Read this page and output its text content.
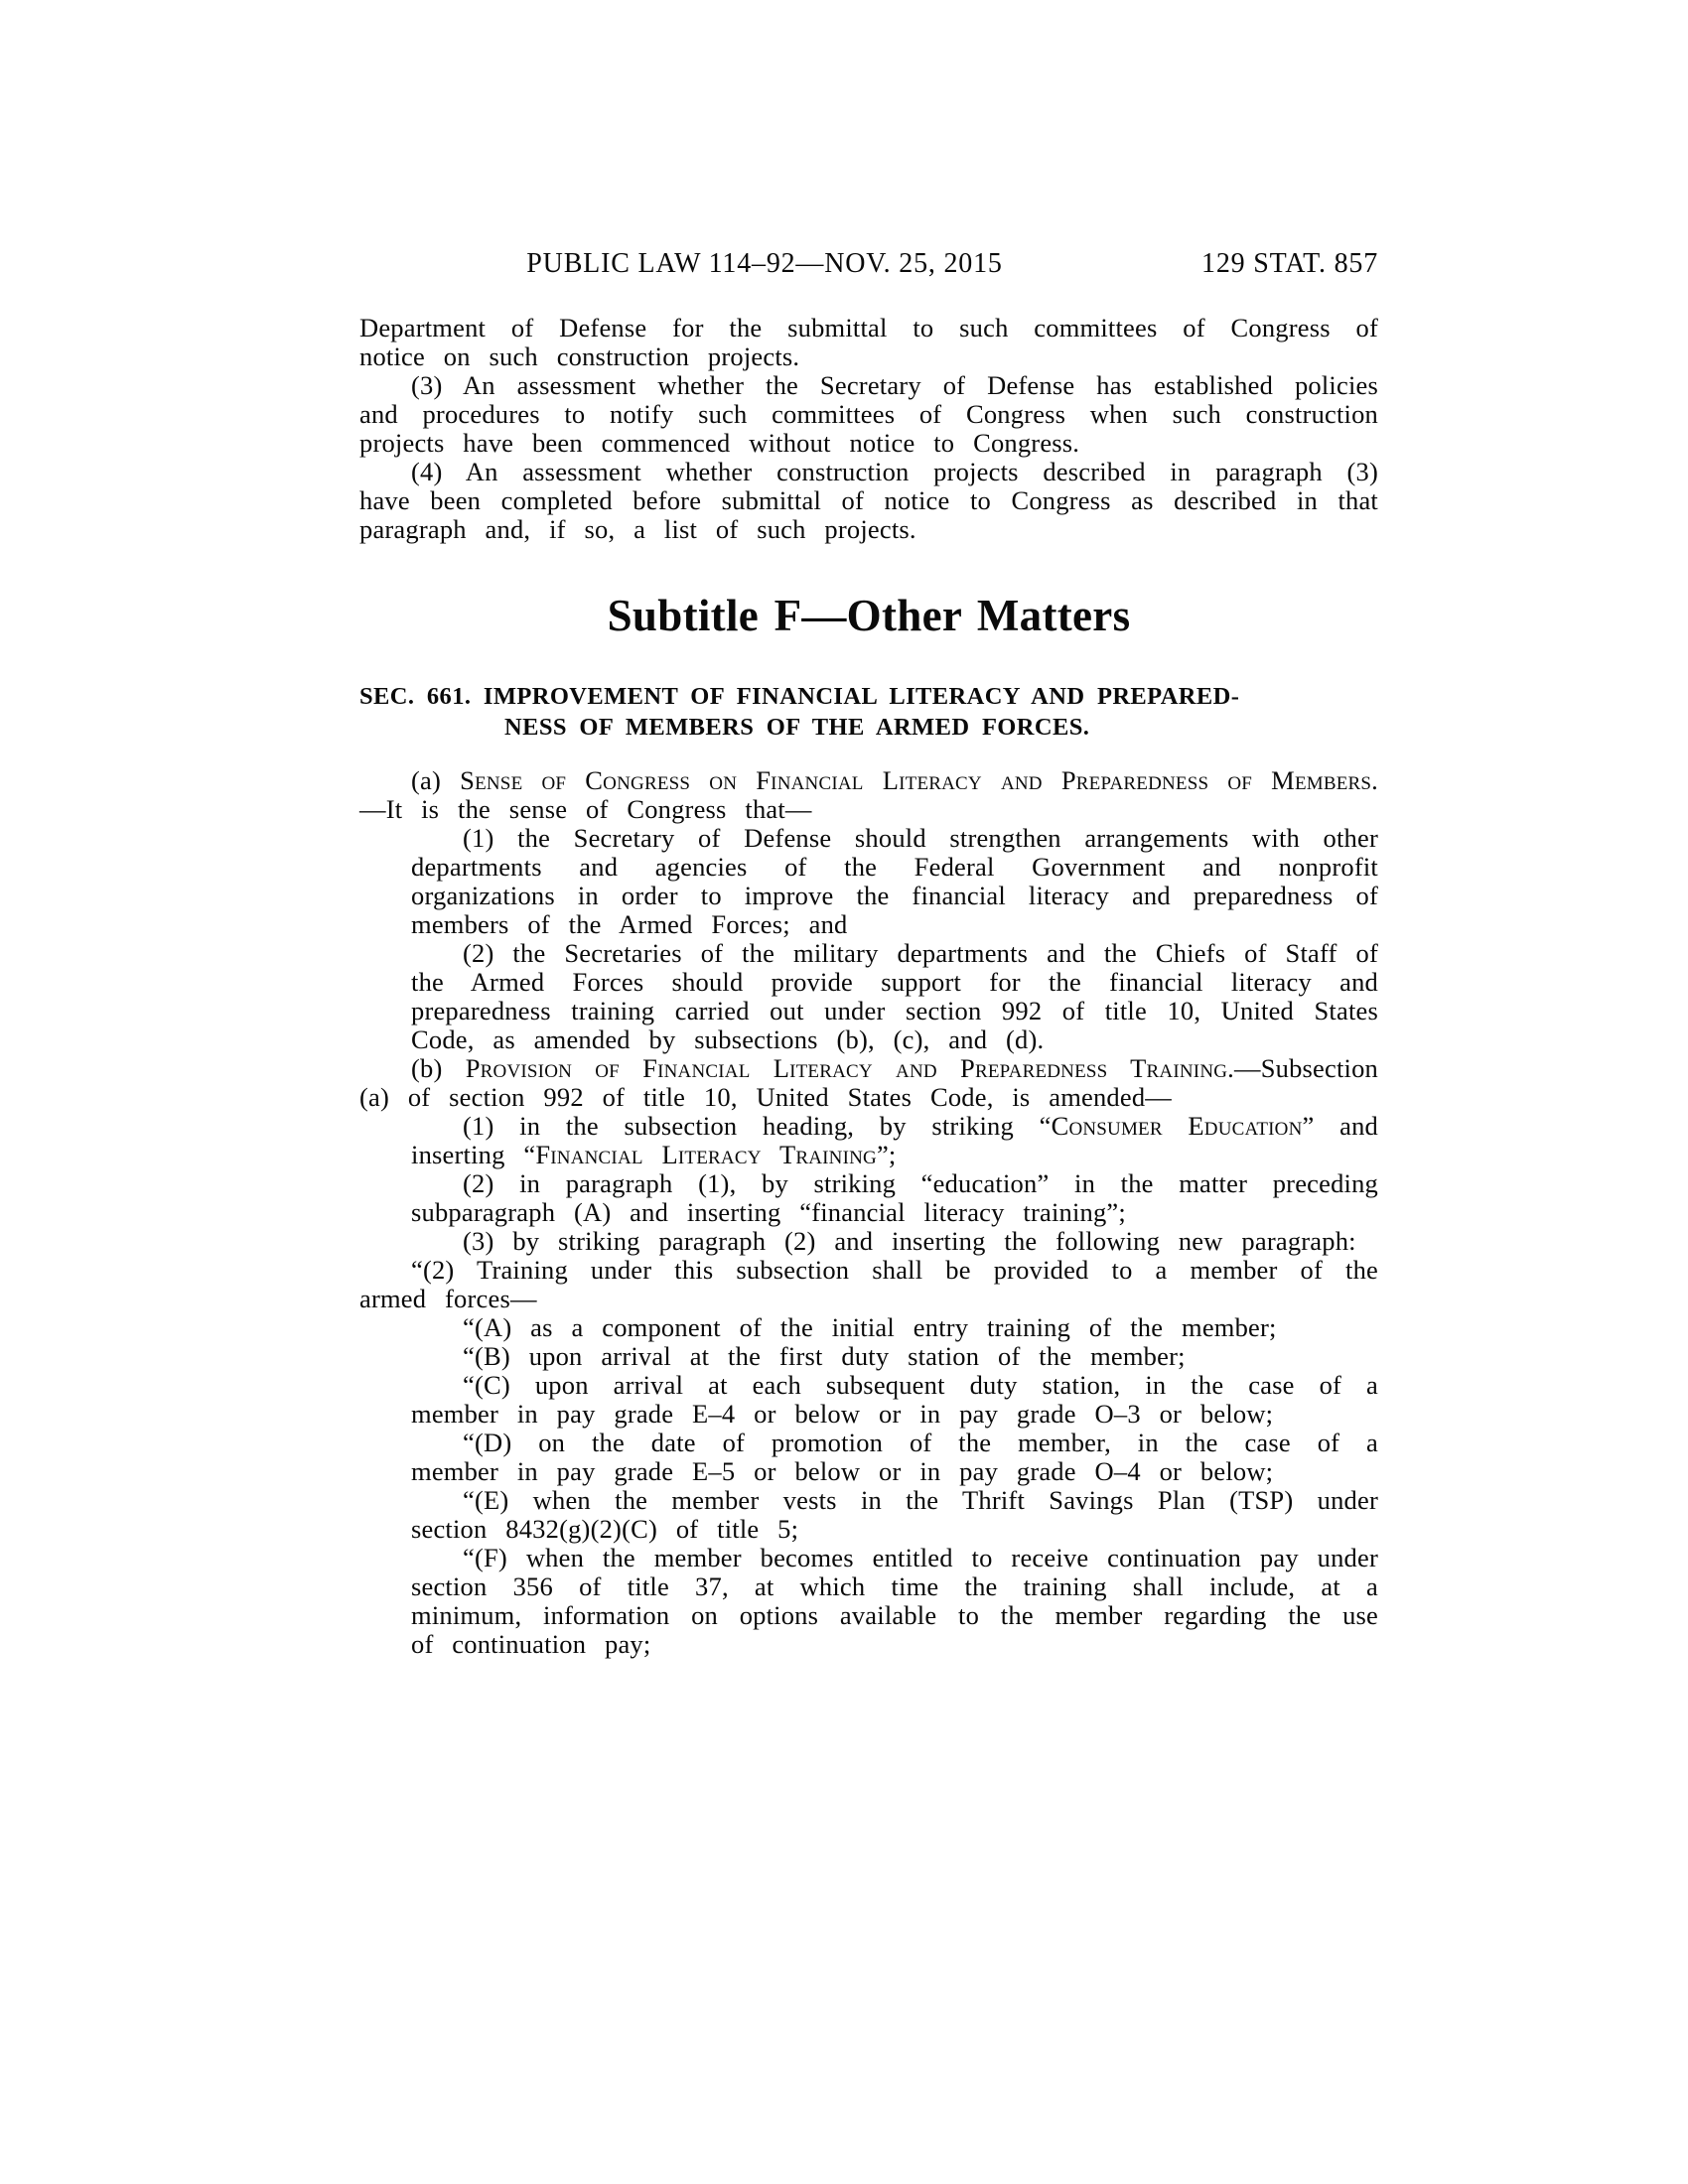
PUBLIC LAW 114–92—NOV. 25, 2015	129 STAT. 857

Department of Defense for the submittal to such committees of Congress of notice on such construction projects.

(3) An assessment whether the Secretary of Defense has established policies and procedures to notify such committees of Congress when such construction projects have been commenced without notice to Congress.

(4) An assessment whether construction projects described in paragraph (3) have been completed before submittal of notice to Congress as described in that paragraph and, if so, a list of such projects.

Subtitle F—Other Matters
SEC. 661. IMPROVEMENT OF FINANCIAL LITERACY AND PREPARED-
NESS OF MEMBERS OF THE ARMED FORCES.

(a) Sense of Congress on Financial Literacy and Preparedness of Members.—It is the sense of Congress that—

(1) the Secretary of Defense should strengthen arrangements with other departments and agencies of the Federal Government and nonprofit organizations in order to improve the financial literacy and preparedness of members of the Armed Forces; and

(2) the Secretaries of the military departments and the Chiefs of Staff of the Armed Forces should provide support for the financial literacy and preparedness training carried out under section 992 of title 10, United States Code, as amended by subsections (b), (c), and (d).

(b) Provision of Financial Literacy and Preparedness Training.—Subsection (a) of section 992 of title 10, United States Code, is amended—

(1) in the subsection heading, by striking “Consumer Education” and inserting “Financial Literacy Training”;

(2) in paragraph (1), by striking “education” in the matter preceding subparagraph (A) and inserting “financial literacy training”;

(3) by striking paragraph (2) and inserting the following new paragraph:

“(2) Training under this subsection shall be provided to a member of the armed forces—

“(A) as a component of the initial entry training of the member;

“(B) upon arrival at the first duty station of the member;

“(C) upon arrival at each subsequent duty station, in the case of a member in pay grade E–4 or below or in pay grade O–3 or below;

“(D) on the date of promotion of the member, in the case of a member in pay grade E–5 or below or in pay grade O–4 or below;

“(E) when the member vests in the Thrift Savings Plan (TSP) under section 8432(g)(2)(C) of title 5;

“(F) when the member becomes entitled to receive continuation pay under section 356 of title 37, at which time the training shall include, at a minimum, information on options available to the member regarding the use of continuation pay;
